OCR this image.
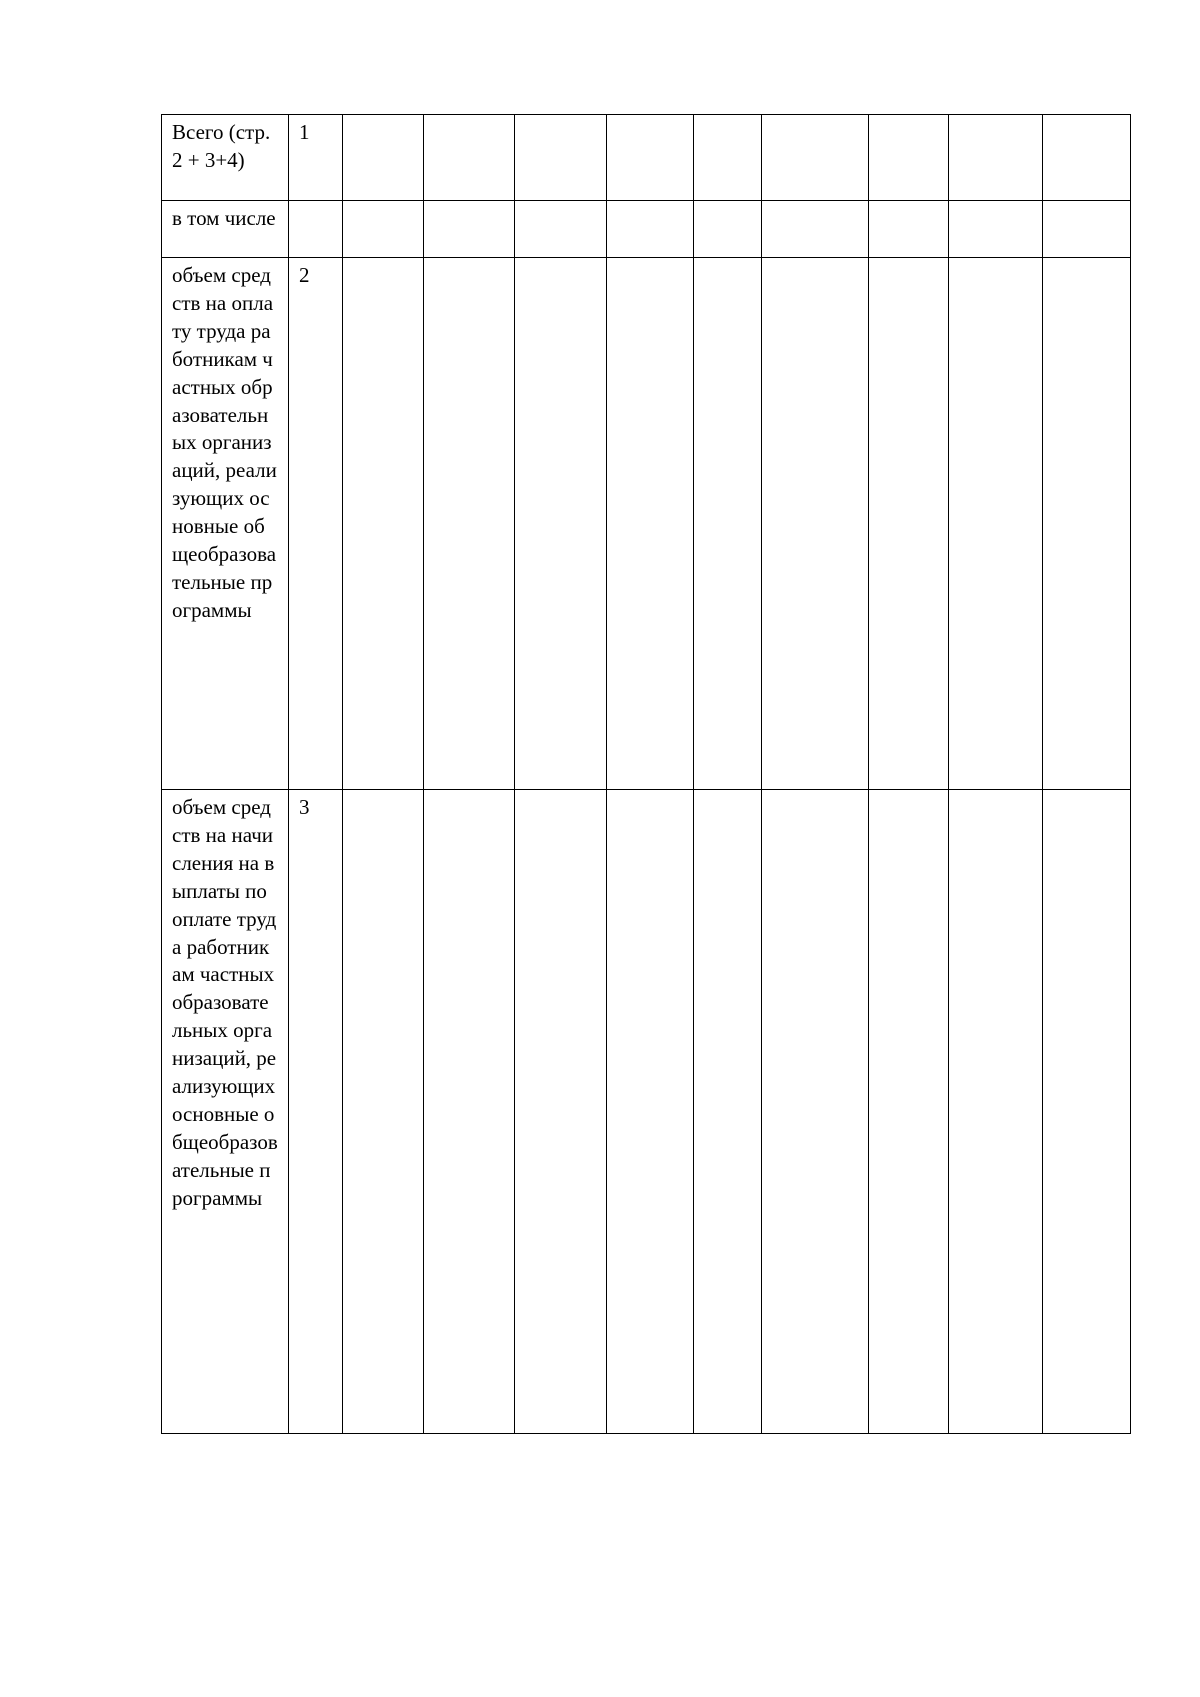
Всего (стр. 2 + 3+4)	1									
в том числе										
объем средств на оплату труда работникам частных образовательных организаций, реализующих основные общеобразовательные программы	2									
объем средств на начисления на выплаты по оплате труда работникам частных образовательных организаций, реализующих основные общеобразовательные программы	3									
